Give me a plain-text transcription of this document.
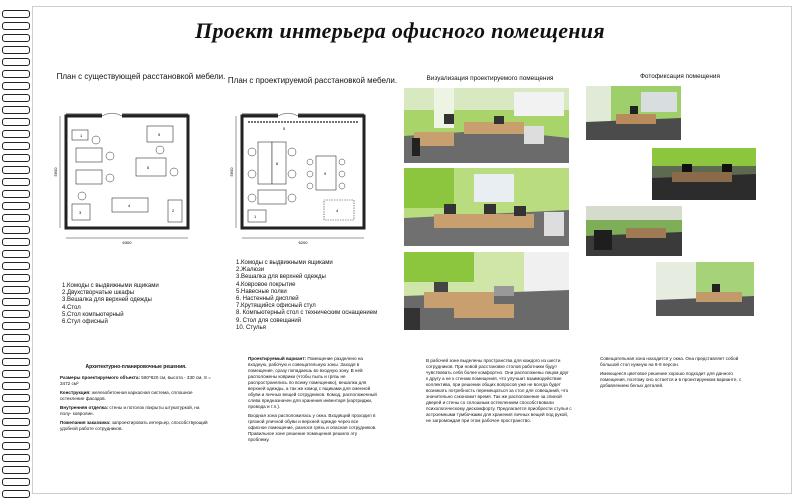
Проект интерьера офисного помещения
План с существующей расстановкой мебели. План с проектируемой расстановкой мебели.	Визуализация проектируемого помещения	Фотофиксация помещения
6300
5600
1	5
5
4
2
3
6200
5600
5
8
9
4
1
1.Комоды с выдвижными ящиками
2.Двухстворчатые шкафы
3.Вешалка для верхней одежды
4.Стол
5.Стол компьютерный
6.Стул офисный
1.Комоды с выдвижными ящиками
2.Жалюзи
3.Вешалка для верхней одежды
4.Ковровое покрытие
5.Навесные полки
6. Настенный дисплей
7.Крутящийся офисный стул
8. Компьютерный стол с техническим оснащением
9. Стол для совещаний
10. Стулья

Архитектурно-планировочные решения.

Размеры проектируемого объекта: 560*620 см, высота - 330 см, S = 3472 см²

Конструкция: железобетонная каркасная система, сплошное остекление фасадов.

Внутренняя отделка: стены и потолок покрыты штукатуркой, на полу- ковролин.

Пожелания заказчика: запроектировать интерьер, способствующий удобной работе сотрудников.

Проектируемый вариант: Помещение разделено на входную, рабочую и совещательную зоны. Заходя в помещение, сразу попадаешь во входную зону. В ней расположены коврики (чтобы пыль и грязь не распространялись по всему помещению), вешалка для верхней одежды, а так же комод с ящиками для сменной обуви и личных вещей сотрудников. Комод, расположенный слева предназначен для хранения инвентаря (картриджи, провода и т.п.).

Входная зона расположилась у окна. Входящий проходил в грязной уличной обуви и верхней одежде через все офисное помещение, разнося грязь и опасная сотрудников. Правильное зоне решение помещения решило эту проблему.

В рабочей зоне выделены пространства для каждого из шести сотрудников. При новой расстановке столов работники будут чувствовать себя более комфортно. Они расположены лицом друг к другу а не к стенам помещения, что улучшит взаимодействие коллектива, при решении общих вопросов уже не всегда будет возникать потребность перемещаться за стол для совещаний, что значительно сэкономит время. Так же расположение за спиной дверей и стены со сплошным остеклением способствовали психологическому дискомфорту. Предлагается приобрести стулья с астроемными тумбочками для хранения личных вещей под рукой, не загромождая при этом рабочее пространство.

Совещательная зона находится у окна. Она представляет собой большой стол нужную на 6-9 персон.

Имеющееся цветовое решение хорошо подходит для данного помещения, поэтому оно остается и в проектируемом варианте, с добавлением белых деталей.
